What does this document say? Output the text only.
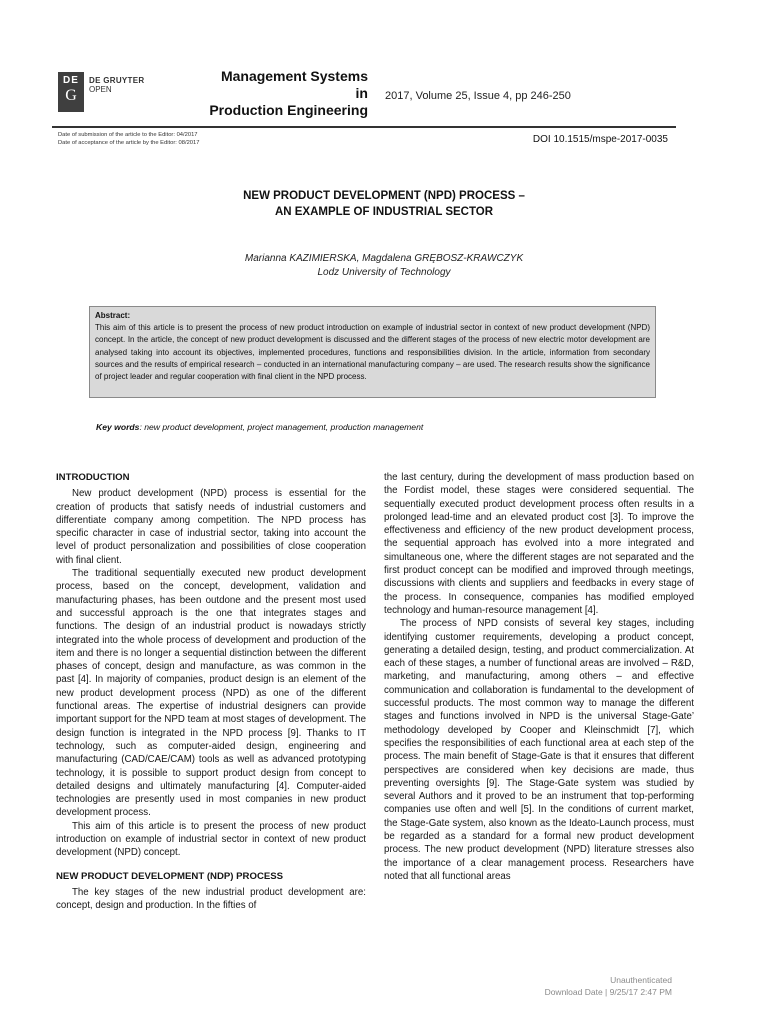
DE
G
DE GRUYTER
OPEN
Management Systems
in
Production Engineering
2017, Volume 25, Issue 4, pp 246-250
Date of submission of the article to the Editor: 04/2017
Date of acceptance of the article by the Editor: 08/2017	DOI 10.1515/mspe-2017-0035
NEW PRODUCT DEVELOPMENT (NPD) PROCESS –
AN EXAMPLE OF INDUSTRIAL SECTOR
Marianna KAZIMIERSKA, Magdalena GRĘBOSZ-KRAWCZYK
Lodz University of Technology
Abstract:
This aim of this article is to present the process of new product introduction on example of industrial sector in context of new product development (NPD) concept. In the article, the concept of new product development is discussed and the different stages of the process of new electric motor development are analysed taking into account its objectives, implemented procedures, functions and responsibilities division. In the article, information from secondary sources and the results of empirical research – conducted in an international manufacturing company – are used. The research results show the significance of project leader and regular cooperation with final client in the NPD process.
Key words: new product development, project management, production management
INTRODUCTION

New product development (NPD) process is essential for the creation of products that satisfy needs of industrial customers and differentiate company among competition. The NPD process has specific character in case of industrial sector, taking into account the level of product personalization and possibilities of close cooperation with final client.

The traditional sequentially executed new product development process, based on the concept, development, validation and manufacturing phases, has been outdone and the present most used and successful approach is the one that integrates stages and functions. The design of an industrial product is nowadays strictly integrated into the whole process of development and production of the item and there is no longer a sequential distinction between the different phases of concept, design and manufacture, as was common in the past [4]. In majority of companies, product design is an element of the new product development process (NPD) as one of the different functional areas. The expertise of industrial designers can provide important support for the NPD team at most stages of development. The design function is integrated in the NPD process [9]. Thanks to IT technology, such as computer-aided design, engineering and manufacturing (CAD/CAE/CAM) tools as well as advanced prototyping technology, it is possible to support product design from concept to detailed designs and ultimately manufacturing [4]. Computer-aided technologies are presently used in most companies in new product development process.

This aim of this article is to present the process of new product introduction on example of industrial sector in context of new product development (NPD) concept.

NEW PRODUCT DEVELOPMENT (NDP) PROCESS

The key stages of the new industrial product development are: concept, design and production. In the fifties of

the last century, during the development of mass production based on the Fordist model, these stages were considered sequential. The sequentially executed product development process often results in a prolonged lead-time and an elevated product cost [3]. To improve the effectiveness and efficiency of the new product development process, the sequential approach has evolved into a more integrated and simultaneous one, where the different stages are not separated and the first product concept can be modified and improved through meetings, discussions with clients and suppliers and feedbacks in every stage of the process. In consequence, companies has modified employed technology and human-resource management [4].

The process of NPD consists of several key stages, including identifying customer requirements, developing a product concept, generating a detailed design, testing, and product commercialization. At each of these stages, a number of functional areas are involved – R&D, marketing, and manufacturing, among others – and effective communication and collaboration is fundamental to the development of successful products. The most common way to manage the different stages and functions involved in NPD is the universal Stage-Gate’ methodology developed by Cooper and Kleinschmidt [7], which specifies the responsibilities of each functional area at each step of the process. The main benefit of Stage-Gate is that it ensures that different perspectives are considered when key decisions are made, thus preventing oversights [9]. The Stage-Gate system was studied by several Authors and it proved to be an instrument that top-performing companies use often and well [5]. In the conditions of current market, the Stage-Gate system, also known as the Ideato-Launch process, must be regarded as a standard for a formal new product development process. The new product development (NPD) literature stresses also the importance of a clear management process. Researchers have noted that all functional areas

Unauthenticated
Download Date | 9/25/17 2:47 PM
